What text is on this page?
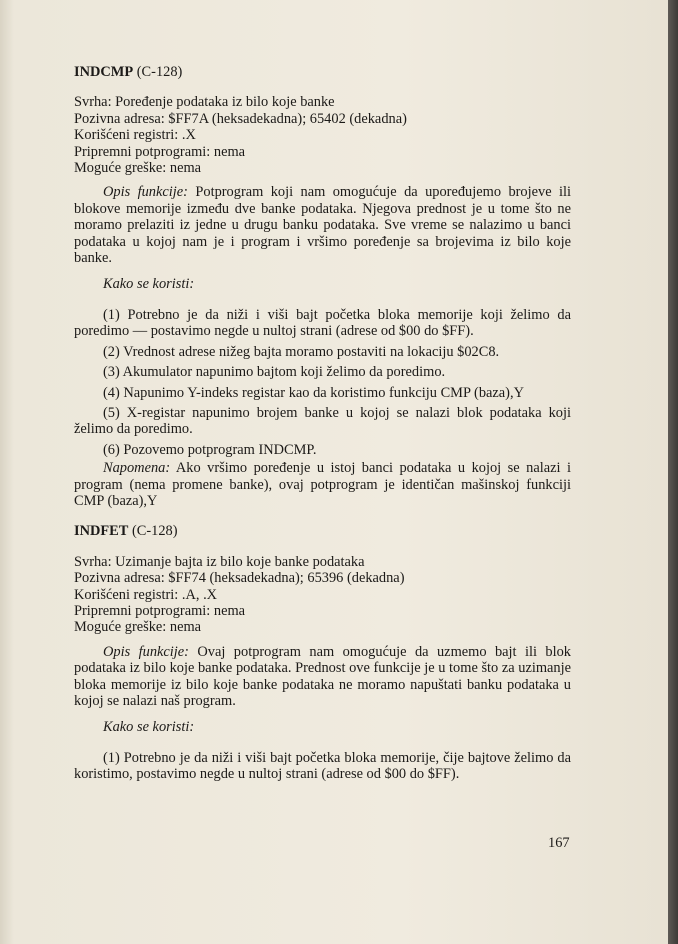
INDCMP (C-128)
Svrha: Poređenje podataka iz bilo koje banke
Pozivna adresa: $FF7A (heksadekadna); 65402 (dekadna)
Korišćeni registri: .X
Pripremni potprogrami: nema
Moguće greške: nema

Opis funkcije: Potprogram koji nam omogućuje da upoređujemo brojeve ili blokove memorije između dve banke podataka. Njegova prednost je u tome što ne moramo prelaziti iz jedne u drugu banku podataka. Sve vreme se nalazimo u banci podataka u kojoj nam je i program i vršimo poređenje sa brojevima iz bilo koje banke.

Kako se koristi:

(1) Potrebno je da niži i viši bajt početka bloka memorije koji želimo da poredimo — postavimo negde u nultoj strani (adrese od $00 do $FF).

(2) Vrednost adrese nižeg bajta moramo postaviti na lokaciju $02C8.

(3) Akumulator napunimo bajtom koji želimo da poredimo.

(4) Napunimo Y-indeks registar kao da koristimo funkciju CMP (baza),Y

(5) X-registar napunimo brojem banke u kojoj se nalazi blok podataka koji želimo da poredimo.

(6) Pozovemo potprogram INDCMP.

Napomena: Ako vršimo poređenje u istoj banci podataka u kojoj se nalazi i program (nema promene banke), ovaj potprogram je identičan mašinskoj funkciji CMP (baza),Y

INDFET (C-128)
Svrha: Uzimanje bajta iz bilo koje banke podataka
Pozivna adresa: $FF74 (heksadekadna); 65396 (dekadna)
Korišćeni registri: .A, .X
Pripremni potprogrami: nema
Moguće greške: nema

Opis funkcije: Ovaj potprogram nam omogućuje da uzmemo bajt ili blok podataka iz bilo koje banke podataka. Prednost ove funkcije je u tome što za uzimanje bloka memorije iz bilo koje banke podataka ne moramo napuštati banku podataka u kojoj se nalazi naš program.

Kako se koristi:

(1) Potrebno je da niži i viši bajt početka bloka memorije, čije bajtove želimo da koristimo, postavimo negde u nultoj strani (adrese od $00 do $FF).

167
